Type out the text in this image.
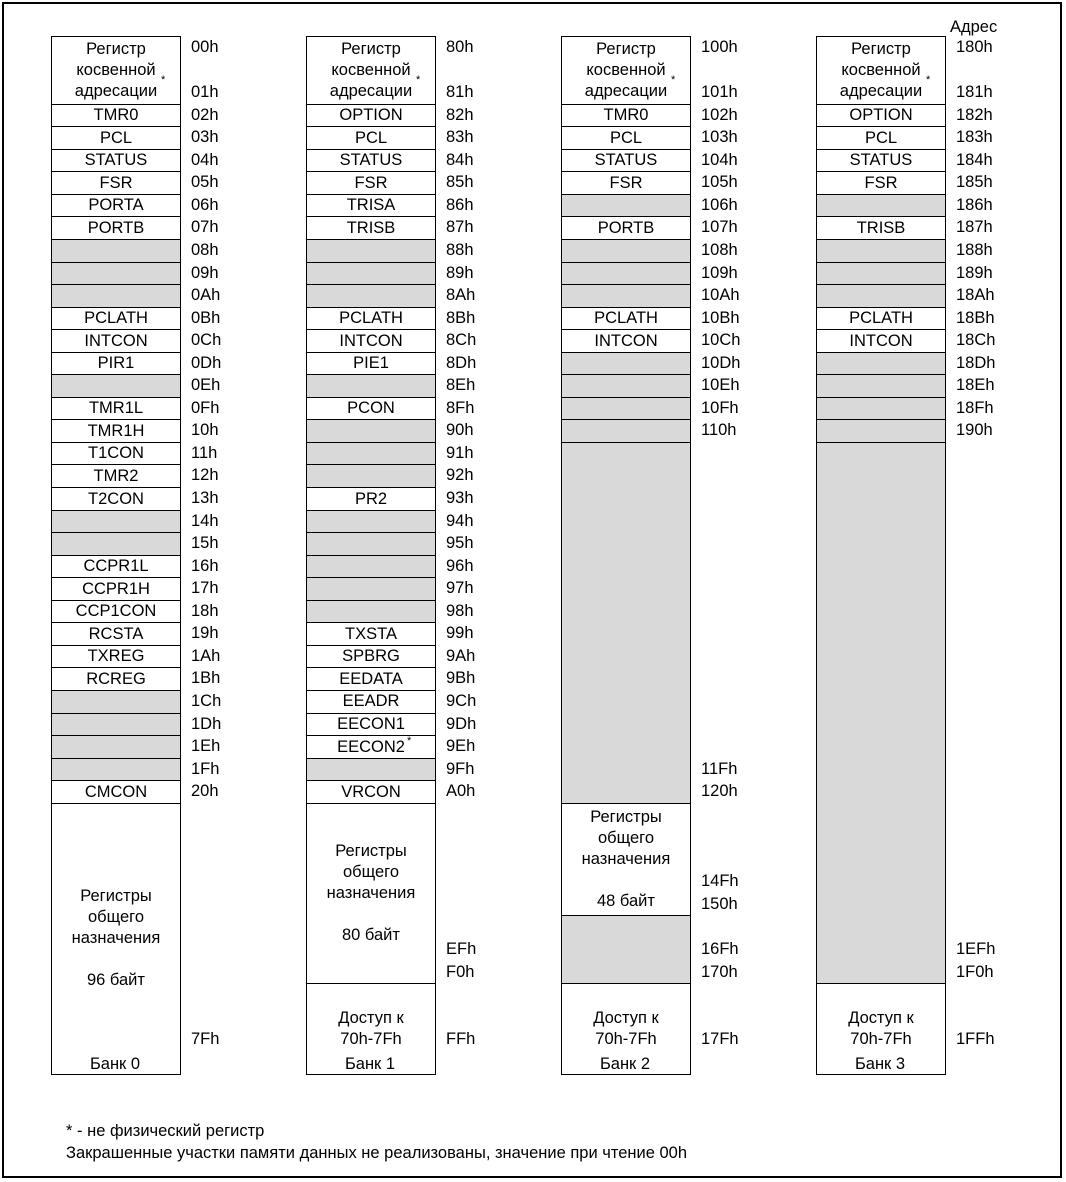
Адрес
Регистр
косвенной
адресации
*
TMR0
PCL
STATUS
FSR
PORTA
PORTB
PCLATH
INTCON
PIR1
TMR1L
TMR1H
T1CON
TMR2
T2CON
CCPR1L
CCPR1H
CCP1CON
RCSTA
TXREG
RCREG
CMCON
Регистры
общего
назначения

96 байт
00h
01h
02h
03h
04h
05h
06h
07h
08h
09h
0Ah
0Bh
0Ch
0Dh
0Eh
0Fh
10h
11h
12h
13h
14h
15h
16h
17h
18h
19h
1Ah
1Bh
1Ch
1Dh
1Eh
1Fh
20h
7Fh
Банк 0
Регистр
косвенной
адресации
*
OPTION
PCL
STATUS
FSR
TRISA
TRISB
PCLATH
INTCON
PIE1
PCON
PR2
TXSTA
SPBRG
EEDATA
EEADR
EECON1
EECON2 *
VRCON
Регистры
общего
назначения

80 байт
Доступ к
70h-7Fh
80h
81h
82h
83h
84h
85h
86h
87h
88h
89h
8Ah
8Bh
8Ch
8Dh
8Eh
8Fh
90h
91h
92h
93h
94h
95h
96h
97h
98h
99h
9Ah
9Bh
9Ch
9Dh
9Eh
9Fh
A0h
EFh
F0h
FFh
Банк 1
Регистр
косвенной
адресации
*
TMR0
PCL
STATUS
FSR
PORTB
PCLATH
INTCON
Регистры
общего
назначения

48 байт
Доступ к
70h-7Fh
100h
101h
102h
103h
104h
105h
106h
107h
108h
109h
10Ah
10Bh
10Ch
10Dh
10Eh
10Fh
110h
11Fh
120h
14Fh
150h
16Fh
170h
17Fh
Банк 2
Регистр
косвенной
адресации
*
OPTION
PCL
STATUS
FSR
TRISB
PCLATH
INTCON
Доступ к
70h-7Fh
180h
181h
182h
183h
184h
185h
186h
187h
188h
189h
18Ah
18Bh
18Ch
18Dh
18Eh
18Fh
190h
1EFh
1F0h
1FFh
Банк 3
* - не физический регистр
Закрашенные участки памяти данных не реализованы, значение при чтение 00h
